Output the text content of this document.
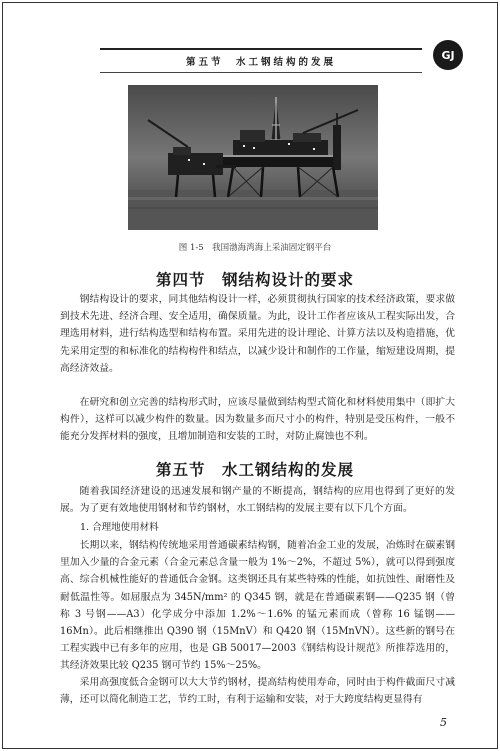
第五节　水工钢结构的发展
GJ
图 1-5　我国渤海湾海上采油固定钢平台
第四节　钢结构设计的要求

钢结构设计的要求，同其他结构设计一样，必须贯彻执行国家的技术经济政策，要求做到技术先进、经济合理、安全适用，确保质量。为此，设计工作者应该从工程实际出发，合理选用材料，进行结构选型和结构布置。采用先进的设计理论、计算方法以及构造措施，优先采用定型的和标准化的结构构件和结点，以减少设计和制作的工作量，缩短建设周期，提高经济效益。

在研究和创立完善的结构形式时，应该尽量做到结构型式简化和材料使用集中（即扩大构件），这样可以减少构件的数量。因为数量多而尺寸小的构件，特别是受压构件，一般不能充分发挥材料的强度，且增加制造和安装的工时，对防止腐蚀也不利。

第五节　水工钢结构的发展

随着我国经济建设的迅速发展和钢产量的不断提高，钢结构的应用也得到了更好的发展。为了更有效地使用钢材和节约钢材，水工钢结构的发展主要有以下几个方面。

1. 合理地使用材料

长期以来，钢结构传统地采用普通碳素结构钢，随着冶金工业的发展，冶炼时在碳素钢里加入少量的合金元素（合金元素总含量一般为 1%～2%，不超过 5%），就可以得到强度高、综合机械性能好的普通低合金钢。这类钢还具有某些特殊的性能，如抗蚀性、耐磨性及耐低温性等。如屈服点为 345N/mm² 的 Q345 钢，就是在普通碳素钢——Q235 钢（曾称 3 号钢——A3）化学成分中添加 1.2%～1.6% 的锰元素而成（曾称 16 锰钢——16Mn）。此后相继推出 Q390 钢（15MnV）和 Q420 钢（15MnVN）。这些新的钢号在工程实践中已有多年的应用，也是 GB 50017—2003《钢结构设计规范》所推荐选用的，其经济效果比较 Q235 钢可节约 15%～25%。

采用高强度低合金钢可以大大节约钢材，提高结构使用寿命，同时由于构件截面尺寸减薄，还可以简化制造工艺，节约工时，有利于运输和安装，对于大跨度结构更显得有

5
